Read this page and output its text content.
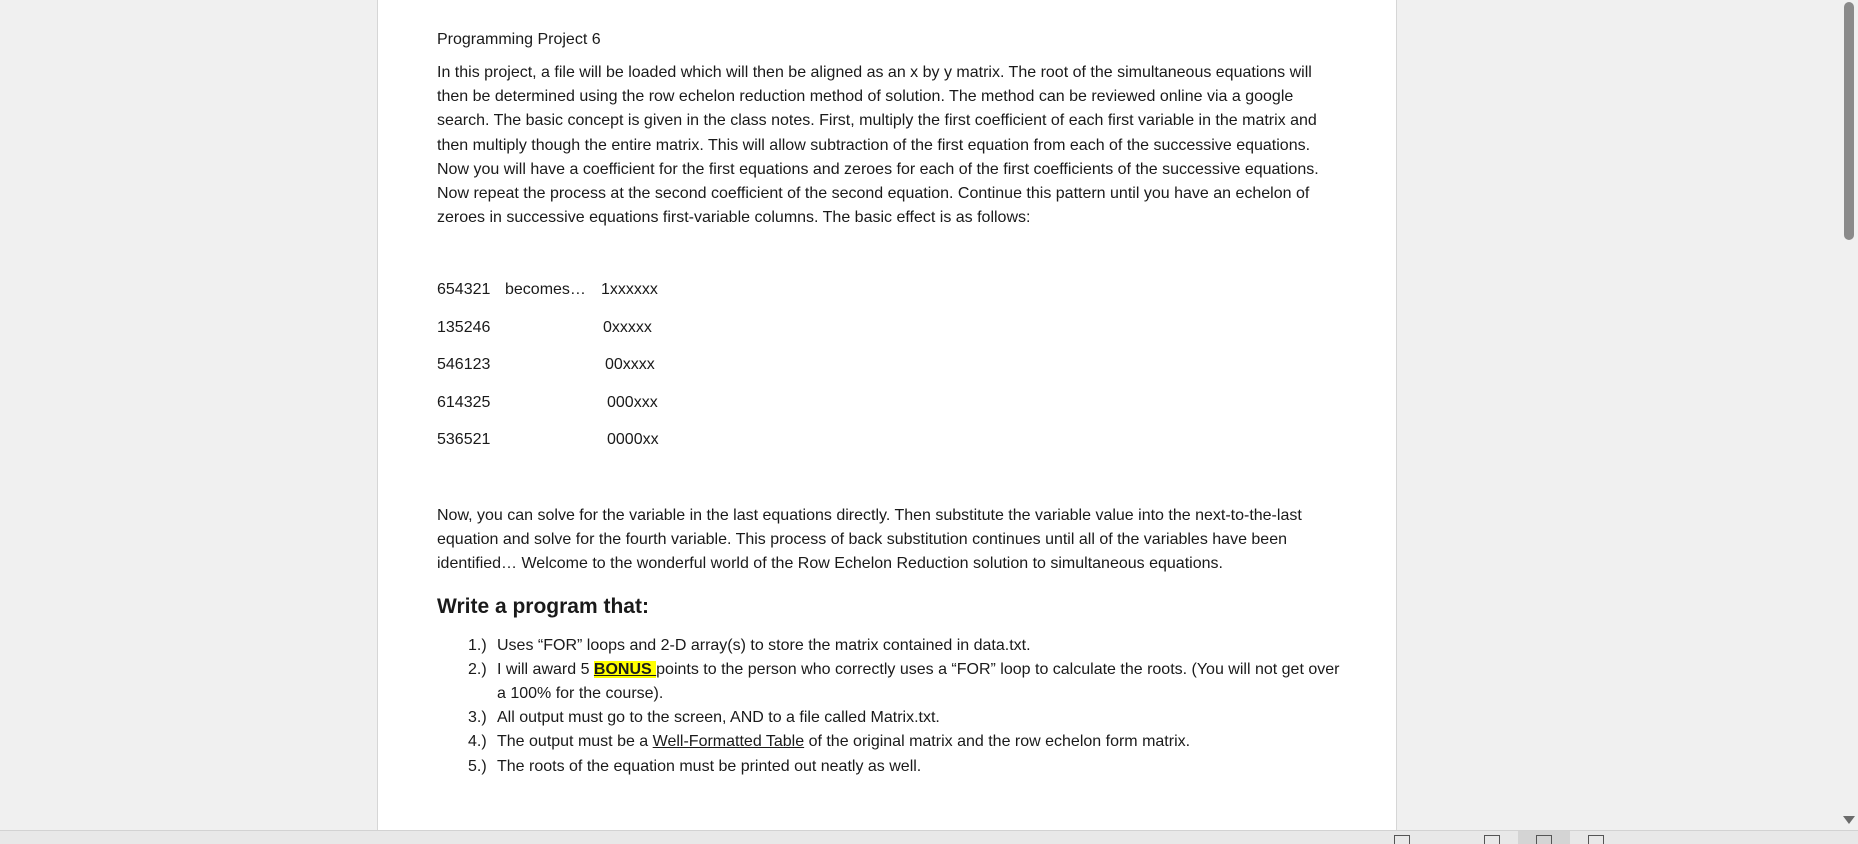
Programming Project 6

In this project, a file will be loaded which will then be aligned as an x by y matrix. The root of the simultaneous equations will then be determined using the row echelon reduction method of solution. The method can be reviewed online via a google search. The basic concept is given in the class notes. First, multiply the first coefficient of each first variable in the matrix and then multiply though the entire matrix. This will allow subtraction of the first equation from each of the successive equations. Now you will have a coefficient for the first equations and zeroes for each of the first coefficients of the successive equations. Now repeat the process at the second coefficient of the second equation. Continue this pattern until you have an echelon of zeroes in successive equations first-variable columns. The basic effect is as follows:

654321 becomes… 1xxxxxx
135246	0xxxxx
546123	00xxxx
614325	000xxx
536521	0000xx

Now, you can solve for the variable in the last equations directly. Then substitute the variable value into the next-to-the-last equation and solve for the fourth variable. This process of back substitution continues until all of the variables have been identified… Welcome to the wonderful world of the Row Echelon Reduction solution to simultaneous equations.

Write a program that:
1.) Uses “FOR” loops and 2-D array(s) to store the matrix contained in data.txt.
2.) I will award 5 BONUS points to the person who correctly uses a “FOR” loop to calculate the roots. (You will not get over a 100% for the course).
3.) All output must go to the screen, AND to a file called Matrix.txt.
4.) The output must be a Well-Formatted Table of the original matrix and the row echelon form matrix.
5.) The roots of the equation must be printed out neatly as well.
